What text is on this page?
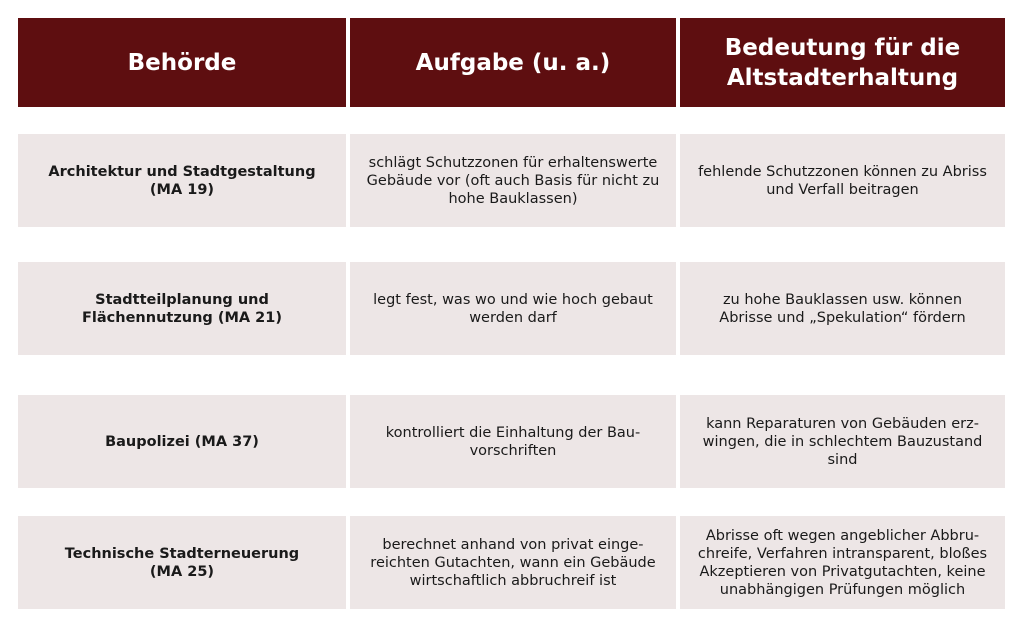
Behörde	Aufgabe (u. a.)
Bedeutung für die
Altstadterhaltung
Architektur und Stadtgestaltung
(MA 19)
schlägt Schutzzonen für erhaltenswerte
Gebäude vor (oft auch Basis für nicht zu
hohe Bauklassen)
fehlende Schutzzonen können zu Abriss
und Verfall beitragen
Stadtteilplanung und
Flächennutzung (MA 21)
legt fest, was wo und wie hoch gebaut
werden darf
zu hohe Bauklassen usw. können
Abrisse und „Spekulation“ fördern
Baupolizei (MA 37)
kontrolliert die Einhaltung der Bau-
vorschriften
kann Reparaturen von Gebäuden erz-
wingen, die in schlechtem Bauzustand
sind
Technische Stadterneuerung
(MA 25)
berechnet anhand von privat einge-
reichten Gutachten, wann ein Gebäude
wirtschaftlich abbruchreif ist
Abrisse oft wegen angeblicher Abbru-
chreife, Verfahren intransparent, bloßes
Akzeptieren von Privatgutachten, keine
unabhängigen Prüfungen möglich
